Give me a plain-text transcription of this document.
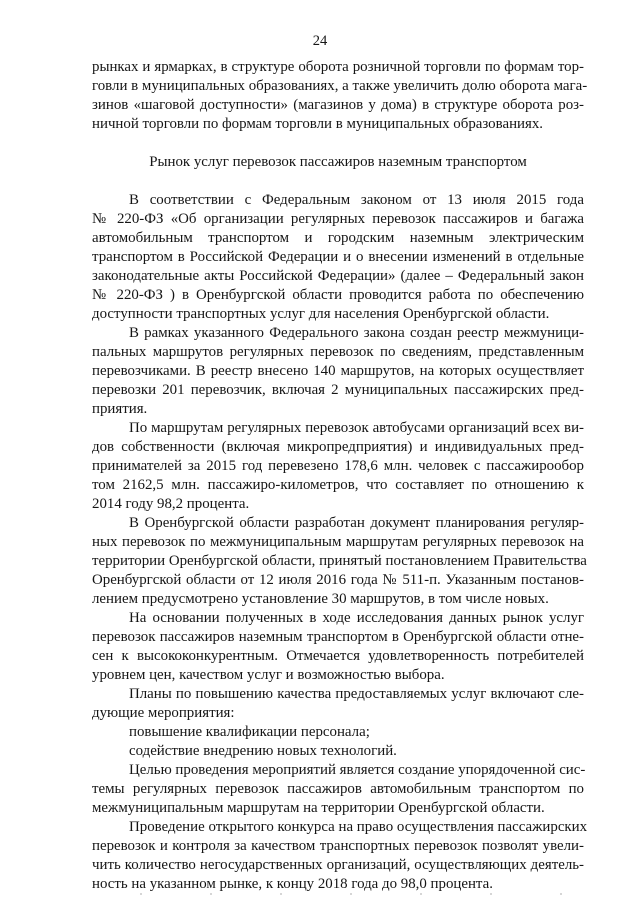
24
рынках и ярмарках, в структуре оборота розничной торговли по формам тор-
говли в муниципальных образованиях, а также увеличить долю оборота мага-
зинов «шаговой доступности» (магазинов у дома) в структуре оборота роз-
ничной торговли по формам торговли в муниципальных образованиях.
Рынок услуг перевозок пассажиров наземным транспортом
В соответствии с Федеральным законом от 13 июля 2015 года
№ 220-ФЗ «Об организации регулярных перевозок пассажиров и багажа
автомобильным транспортом и городским наземным электрическим
транспортом в Российской Федерации и о внесении изменений в отдельные
законодательные акты Российской Федерации» (далее – Федеральный закон
№ 220-ФЗ ) в Оренбургской области проводится работа по обеспечению
доступности транспортных услуг для населения Оренбургской области.
В рамках указанного Федерального закона создан реестр межмуници-
пальных маршрутов регулярных перевозок по сведениям, представленным
перевозчиками. В реестр внесено 140 маршрутов, на которых осуществляет
перевозки 201 перевозчик, включая 2 муниципальных пассажирских пред-
приятия.
По маршрутам регулярных перевозок автобусами организаций всех ви-
дов собственности (включая микропредприятия) и индивидуальных пред-
принимателей за 2015 год перевезено 178,6 млн. человек с пассажирообор
том 2162,5 млн. пассажиро-километров, что составляет по отношению к
2014 году 98,2 процента.
В Оренбургской области разработан документ планирования регуляр-
ных перевозок по межмуниципальным маршрутам регулярных перевозок на
территории Оренбургской области, принятый постановлением Правительства
Оренбургской области от 12 июля 2016 года № 511-п. Указанным постанов-
лением предусмотрено установление 30 маршрутов, в том числе новых.
На основании полученных в ходе исследования данных рынок услуг
перевозок пассажиров наземным транспортом в Оренбургской области отне-
сен к высококонкурентным. Отмечается удовлетворенность потребителей
уровнем цен, качеством услуг и возможностью выбора.
Планы по повышению качества предоставляемых услуг включают сле-
дующие мероприятия:
повышение квалификации персонала;
содействие внедрению новых технологий.
Целью проведения мероприятий является создание упорядоченной сис-
темы регулярных перевозок пассажиров автомобильным транспортом по
межмуниципальным маршрутам на территории Оренбургской области.
Проведение открытого конкурса на право осуществления пассажирских
перевозок и контроля за качеством транспортных перевозок позволят увели-
чить количество негосударственных организаций, осуществляющих деятель-
ность на указанном рынке, к концу 2018 года до 98,0 процента.
